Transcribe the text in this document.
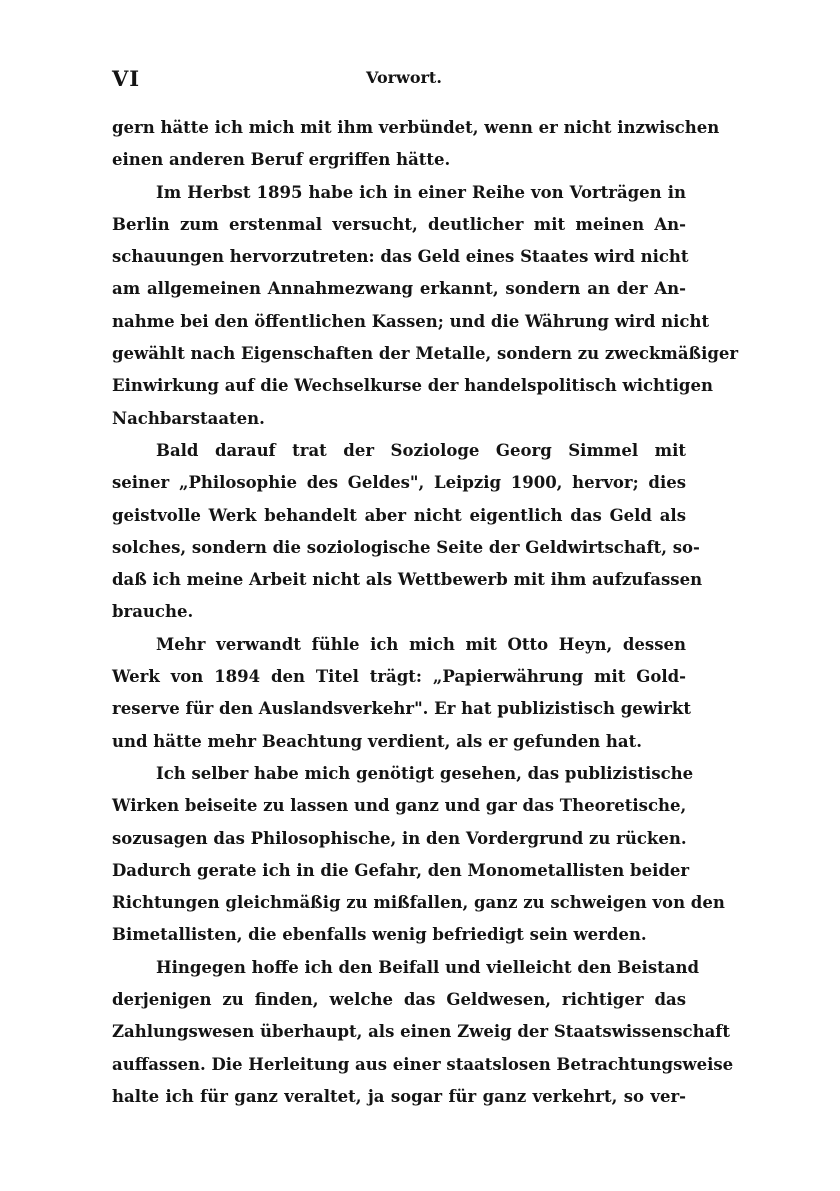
VI	Vorwort.
gern hätte ich mich mit ihm verbündet, wenn er nicht inzwischen
einen anderen Beruf ergriffen hätte.
Im Herbst 1895 habe ich in einer Reihe von Vorträgen in
Berlin zum erstenmal versucht, deutlicher mit meinen An-
schauungen hervorzutreten: das Geld eines Staates wird nicht
am allgemeinen Annahmezwang erkannt, sondern an der An-
nahme bei den öffentlichen Kassen; und die Währung wird nicht
gewählt nach Eigenschaften der Metalle, sondern zu zweckmäßiger
Einwirkung auf die Wechselkurse der handelspolitisch wichtigen
Nachbarstaaten.
Bald darauf trat der Soziologe Georg Simmel mit
seiner „Philosophie des Geldes", Leipzig 1900, hervor; dies
geistvolle Werk behandelt aber nicht eigentlich das Geld als
solches, sondern die soziologische Seite der Geldwirtschaft, so-
daß ich meine Arbeit nicht als Wettbewerb mit ihm aufzufassen
brauche.
Mehr verwandt fühle ich mich mit Otto Heyn, dessen
Werk von 1894 den Titel trägt: „Papierwährung mit Gold-
reserve für den Auslandsverkehr". Er hat publizistisch gewirkt
und hätte mehr Beachtung verdient, als er gefunden hat.
Ich selber habe mich genötigt gesehen, das publizistische
Wirken beiseite zu lassen und ganz und gar das Theoretische,
sozusagen das Philosophische, in den Vordergrund zu rücken.
Dadurch gerate ich in die Gefahr, den Monometallisten beider
Richtungen gleichmäßig zu mißfallen, ganz zu schweigen von den
Bimetallisten, die ebenfalls wenig befriedigt sein werden.
Hingegen hoffe ich den Beifall und vielleicht den Beistand
derjenigen zu finden, welche das Geldwesen, richtiger das
Zahlungswesen überhaupt, als einen Zweig der Staatswissenschaft
auffassen. Die Herleitung aus einer staatslosen Betrachtungsweise
halte ich für ganz veraltet, ja sogar für ganz verkehrt, so ver-
